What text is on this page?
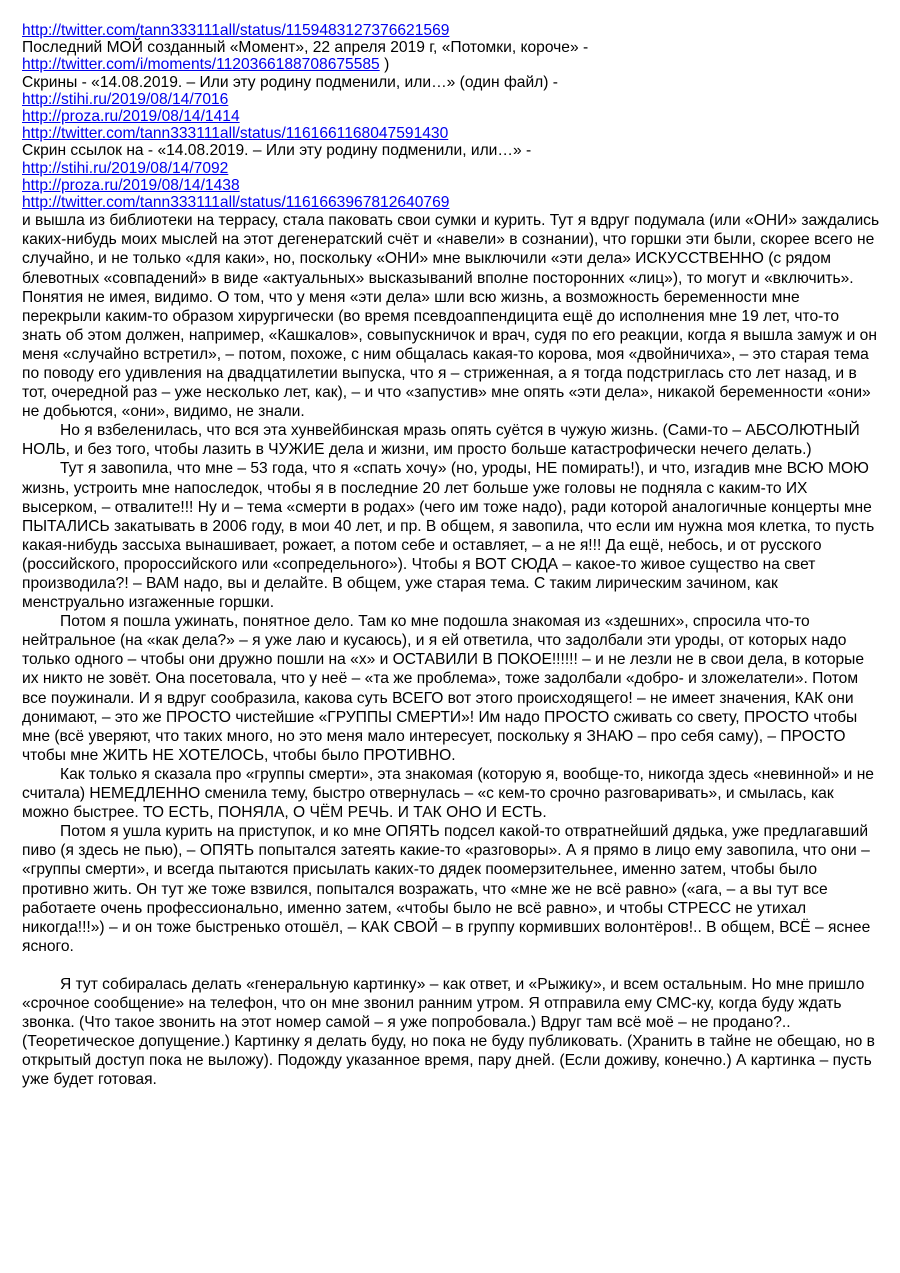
http://twitter.com/tann333111all/status/1159483127376621569
Последний МОЙ созданный «Момент», 22 апреля 2019 г, «Потомки, короче» -
http://twitter.com/i/moments/1120366188708675585 )
Скрины - «14.08.2019. – Или эту родину подменили, или…» (один файл) -
http://stihi.ru/2019/08/14/7016
http://proza.ru/2019/08/14/1414
http://twitter.com/tann333111all/status/1161661168047591430
Скрин ссылок на - «14.08.2019. – Или эту родину подменили, или…» -
http://stihi.ru/2019/08/14/7092
http://proza.ru/2019/08/14/1438
http://twitter.com/tann333111all/status/1161663967812640769
и вышла из библиотеки на террасу, стала паковать свои сумки и курить. Тут я вдруг подумала (или «ОНИ» заждались каких-нибудь моих мыслей на этот дегенератский счёт и «навели» в сознании), что горшки эти были, скорее всего не случайно, и не только «для каки», но, поскольку «ОНИ» мне выключили «эти дела» ИСКУССТВЕННО (с рядом блевотных «совпадений» в виде «актуальных» высказываний вполне посторонних «лиц»), то могут и «включить». Понятия не имея, видимо. О том, что у меня «эти дела» шли всю жизнь, а возможность беременности мне перекрыли каким-то образом хирургически (во время псевдоаппендицита ещё до исполнения мне 19 лет, что-то знать об этом должен, например, «Кашкалов», совыпускничок и врач, судя по его реакции, когда я вышла замуж и он меня «случайно встретил», – потом, похоже, с ним общалась какая-то корова, моя «двойничиха», – это старая тема по поводу его удивления на двадцатилетии выпуска, что я – стриженная, а я тогда подстриглась сто лет назад, и в тот, очередной раз – уже несколько лет, как), – и что «запустив» мне опять «эти дела», никакой беременности «они» не добьются, «они», видимо, не знали.
Но я взбеленилась, что вся эта хунвейбинская мразь опять суётся в чужую жизнь. (Сами-то – АБСОЛЮТНЫЙ НОЛЬ, и без того, чтобы лазить в ЧУЖИЕ дела и жизни, им просто больше катастрофически нечего делать.)
Тут я завопила, что мне – 53 года, что я «спать хочу» (но, уроды, НЕ помирать!), и что, изгадив мне ВСЮ МОЮ жизнь, устроить мне напоследок, чтобы я в последние 20 лет больше уже головы не подняла с каким-то ИХ высерком, – отвалите!!! Ну и – тема «смерти в родах» (чего им тоже надо), ради которой аналогичные концерты мне ПЫТАЛИСЬ закатывать в 2006 году, в мои 40 лет, и пр. В общем, я завопила, что если им нужна моя клетка, то пусть какая-нибудь зассыха вынашивает, рожает, а потом себе и оставляет, – а не я!!! Да ещё, небось, и от русского (российского, пророссийского или «сопредельного»). Чтобы я ВОТ СЮДА – какое-то живое существо на свет производила?! – ВАМ надо, вы и делайте. В общем, уже старая тема. С таким лирическим зачином, как менструально изгаженные горшки.
Потом я пошла ужинать, понятное дело. Там ко мне подошла знакомая из «здешних», спросила что-то нейтральное (на «как дела?» – я уже лаю и кусаюсь), и я ей ответила, что задолбали эти уроды, от которых надо только одного – чтобы они дружно пошли на «х» и ОСТАВИЛИ В ПОКОЕ!!!!!! – и не лезли не в свои дела, в которые их никто не зовёт. Она посетовала, что у неё – «та же проблема», тоже задолбали «добро- и зложелатели». Потом все поужинали. И я вдруг сообразила, какова суть ВСЕГО вот этого происходящего! – не имеет значения, КАК они донимают, – это же ПРОСТО чистейшие «ГРУППЫ СМЕРТИ»! Им надо ПРОСТО сживать со свету, ПРОСТО чтобы мне (всё уверяют, что таких много, но это меня мало интересует, поскольку я ЗНАЮ – про себя саму), – ПРОСТО чтобы мне ЖИТЬ НЕ ХОТЕЛОСЬ, чтобы было ПРОТИВНО.
Как только я сказала про «группы смерти», эта знакомая (которую я, вообще-то, никогда здесь «невинной» и не считала) НЕМЕДЛЕННО сменила тему, быстро отвернулась – «с кем-то срочно разговаривать», и смылась, как можно быстрее. ТО ЕСТЬ, ПОНЯЛА, О ЧЁМ РЕЧЬ. И ТАК ОНО И ЕСТЬ.
Потом я ушла курить на приступок, и ко мне ОПЯТЬ подсел какой-то отвратнейший дядька, уже предлагавший пиво (я здесь не пью), – ОПЯТЬ попытался затеять какие-то «разговоры». А я прямо в лицо ему завопила, что они – «группы смерти», и всегда пытаются присылать каких-то дядек поомерзительнее, именно затем, чтобы было противно жить. Он тут же тоже взвился, попытался возражать, что «мне же не всё равно» («ага, – а вы тут все работаете очень профессионально, именно затем, «чтобы было не всё равно», и чтобы СТРЕСС не утихал никогда!!!») – и он тоже быстренько отошёл, – КАК СВОЙ – в группу кормивших волонтёров!.. В общем, ВСЁ – яснее ясного.
Я тут собиралась делать «генеральную картинку» – как ответ, и «Рыжику», и всем остальным. Но мне пришло «срочное сообщение» на телефон, что он мне звонил ранним утром. Я отправила ему СМС-ку, когда буду ждать звонка. (Что такое звонить на этот номер самой – я уже попробовала.) Вдруг там всё моё – не продано?.. (Теоретическое допущение.) Картинку я делать буду, но пока не буду публиковать. (Хранить в тайне не обещаю, но в открытый доступ пока не выложу). Подожду указанное время, пару дней. (Если доживу, конечно.) А картинка – пусть уже будет готовая.
